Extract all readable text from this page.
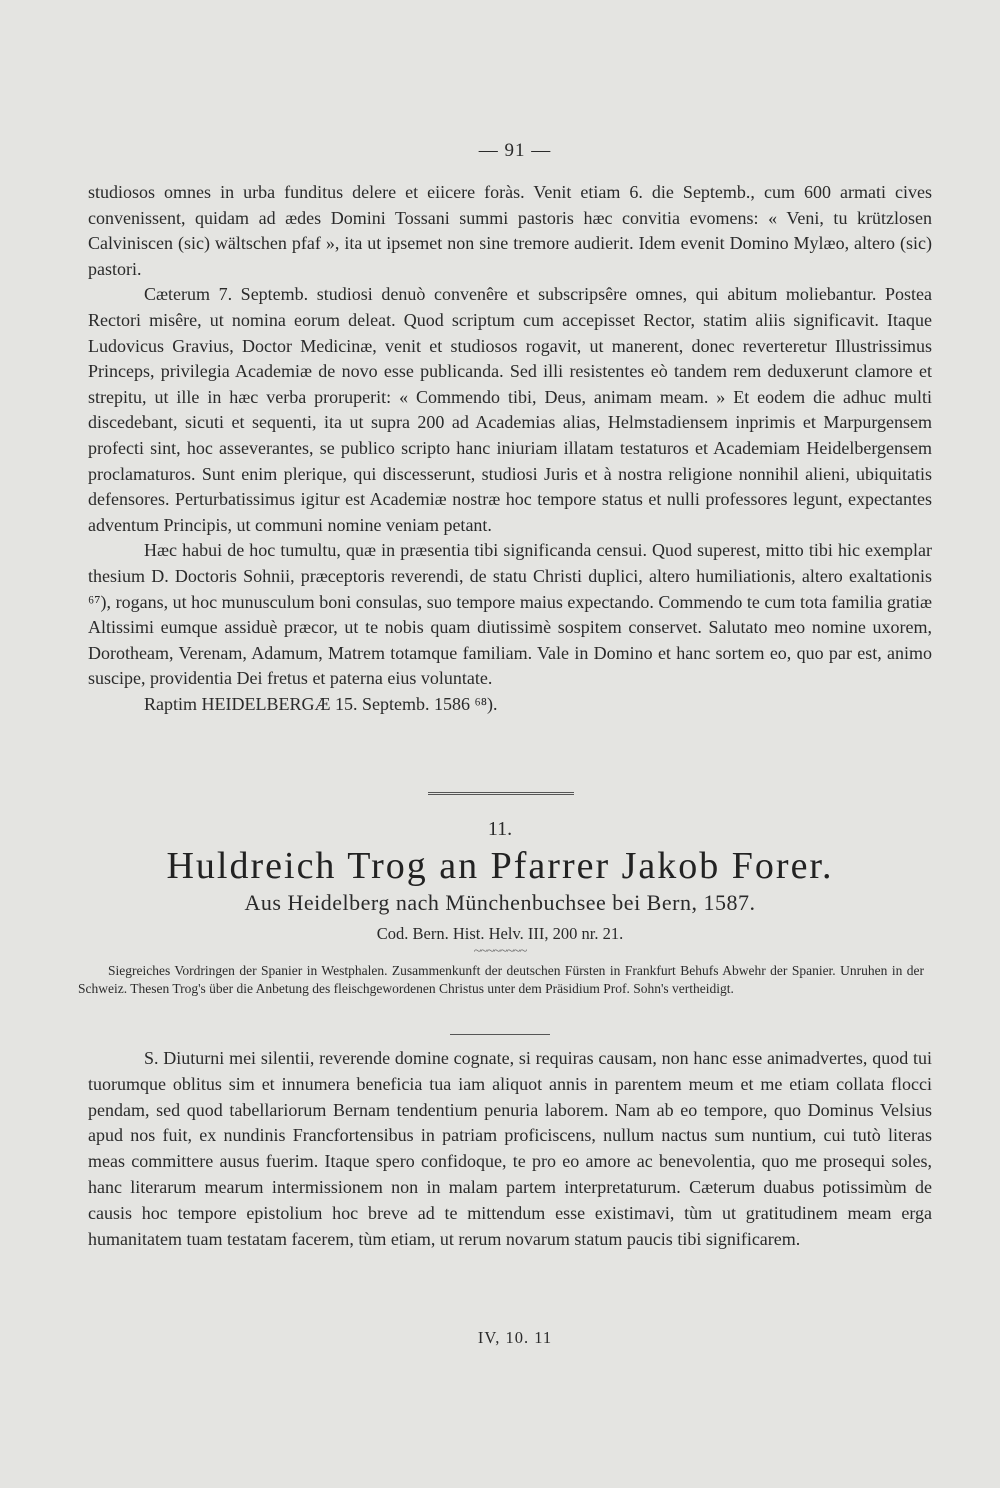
— 91 —

studiosos omnes in urba funditus delere et eiicere foràs. Venit etiam 6. die Septemb., cum 600 armati cives convenissent, quidam ad ædes Domini Tossani summi pastoris hæc convitia evomens: « Veni, tu krützlosen Calviniscen (sic) wältschen pfaf », ita ut ipsemet non sine tremore audierit. Idem evenit Domino Mylæo, altero (sic) pastori.

Cæterum 7. Septemb. studiosi denuò convenêre et subscripsêre omnes, qui abitum moliebantur. Postea Rectori misêre, ut nomina eorum deleat. Quod scriptum cum accepisset Rector, statim aliis significavit. Itaque Ludovicus Gravius, Doctor Medicinæ, venit et studiosos rogavit, ut manerent, donec reverteretur Illustrissimus Princeps, privilegia Academiæ de novo esse publicanda. Sed illi resistentes eò tandem rem deduxerunt clamore et strepitu, ut ille in hæc verba proruperit: « Commendo tibi, Deus, animam meam. » Et eodem die adhuc multi discedebant, sicuti et sequenti, ita ut supra 200 ad Academias alias, Helmstadiensem inprimis et Marpurgensem profecti sint, hoc asseverantes, se publico scripto hanc iniuriam illatam testaturos et Academiam Heidelbergensem proclamaturos. Sunt enim plerique, qui discesserunt, studiosi Juris et à nostra religione nonnihil alieni, ubiquitatis defensores. Perturbatissimus igitur est Academiæ nostræ hoc tempore status et nulli professores legunt, expectantes adventum Principis, ut communi nomine veniam petant.

Hæc habui de hoc tumultu, quæ in præsentia tibi significanda censui. Quod superest, mitto tibi hic exemplar thesium D. Doctoris Sohnii, præceptoris reverendi, de statu Christi duplici, altero humiliationis, altero exaltationis ⁶⁷), rogans, ut hoc munusculum boni consulas, suo tempore maius expectando. Commendo te cum tota familia gratiæ Altissimi eumque assiduè præcor, ut te nobis quam diutissimè sospitem conservet. Salutato meo nomine uxorem, Dorotheam, Verenam, Adamum, Matrem totamque familiam. Vale in Domino et hanc sortem eo, quo par est, animo suscipe, providentia Dei fretus et paterna eius voluntate.

Raptim HEIDELBERGÆ 15. Septemb. 1586 ⁶⁸).

11.
Huldreich Trog an Pfarrer Jakob Forer.
Aus Heidelberg nach Münchenbuchsee bei Bern, 1587.
Cod. Bern. Hist. Helv. III, 200 nr. 21.
~~~~~~~~
Siegreiches Vordringen der Spanier in Westphalen. Zusammenkunft der deutschen Fürsten in Frankfurt Behufs Abwehr der Spanier. Unruhen in der Schweiz. Thesen Trog's über die Anbetung des fleischgewordenen Christus unter dem Präsidium Prof. Sohn's vertheidigt.

S. Diuturni mei silentii, reverende domine cognate, si requiras causam, non hanc esse animadvertes, quod tui tuorumque oblitus sim et innumera beneficia tua iam aliquot annis in parentem meum et me etiam collata flocci pendam, sed quod tabellariorum Bernam tendentium penuria laborem. Nam ab eo tempore, quo Dominus Velsius apud nos fuit, ex nundinis Francfortensibus in patriam proficiscens, nullum nactus sum nuntium, cui tutò literas meas committere ausus fuerim. Itaque spero confidoque, te pro eo amore ac benevolentia, quo me prosequi soles, hanc literarum mearum intermissionem non in malam partem interpretaturum. Cæterum duabus potissimùm de causis hoc tempore epistolium hoc breve ad te mittendum esse existimavi, tùm ut gratitudinem meam erga humanitatem tuam testatam facerem, tùm etiam, ut rerum novarum statum paucis tibi significarem.

IV, 10. 11
